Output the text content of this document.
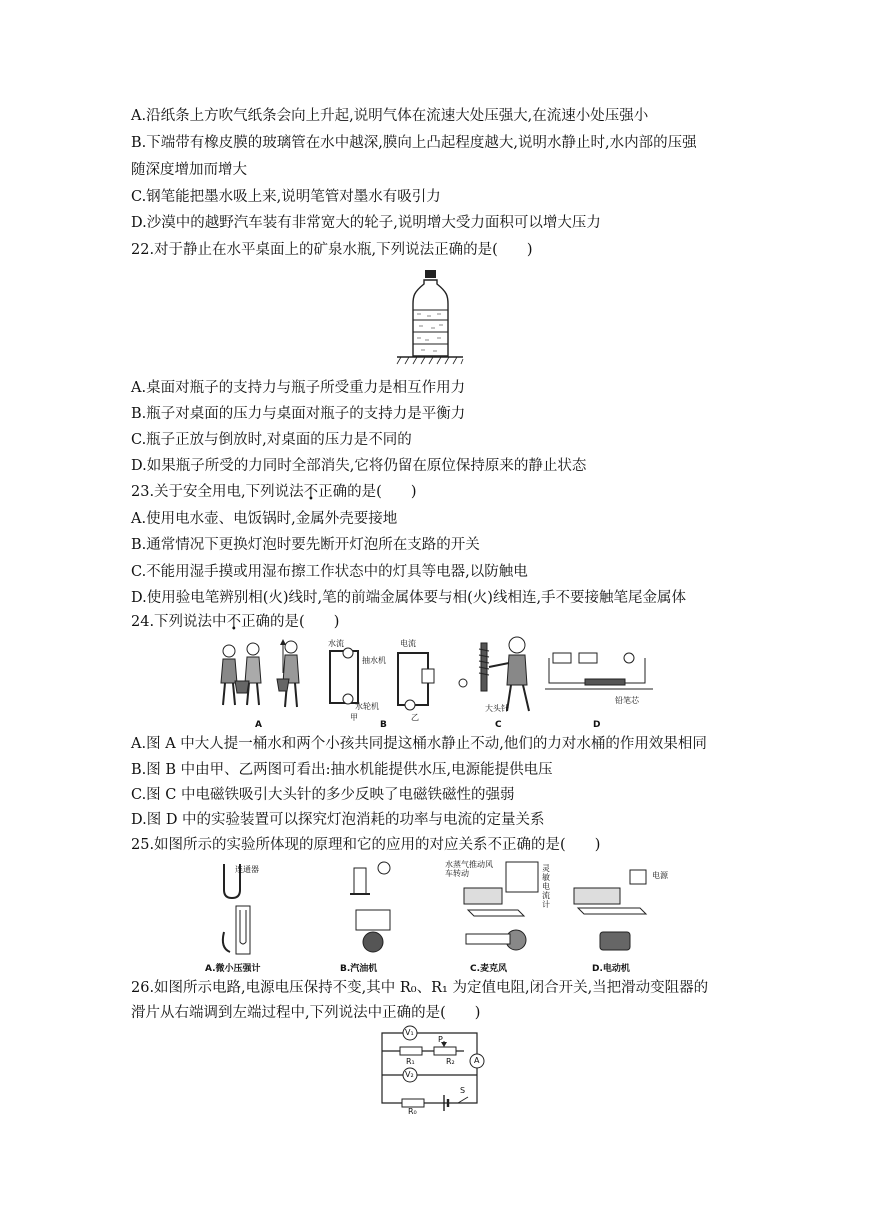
A.沿纸条上方吹气纸条会向上升起,说明气体在流速大处压强大,在流速小处压强小
B.下端带有橡皮膜的玻璃管在水中越深,膜向上凸起程度越大,说明水静止时,水内部的压强
随深度增加而增大
C.钢笔能把墨水吸上来,说明笔管对墨水有吸引力
D.沙漠中的越野汽车装有非常宽大的轮子,说明增大受力面积可以增大压力
22.对于静止在水平桌面上的矿泉水瓶,下列说法正确的是(　　)
A.桌面对瓶子的支持力与瓶子所受重力是相互作用力
B.瓶子对桌面的压力与桌面对瓶子的支持力是平衡力
C.瓶子正放与倒放时,对桌面的压力是不同的
D.如果瓶子所受的力同时全部消失,它将仍留在原位保持原来的静止状态
23.关于安全用电,下列说法不正确的是(　　)
A.使用电水壶、电饭锅时,金属外壳要接地
B.通常情况下更换灯泡时要先断开灯泡所在支路的开关
C.不能用湿手摸或用湿布擦工作状态中的灯具等电器,以防触电
D.使用验电笔辨别相(火)线时,笔的前端金属体要与相(火)线相连,手不要接触笔尾金属体
24.下列说法中不正确的是(　　)
A
水流
抽水机
水轮机
甲
电流
乙
B
大头针
C
铅笔芯
D
A.图 A 中大人提一桶水和两个小孩共同提这桶水静止不动,他们的力对水桶的作用效果相同
B.图 B 中由甲、乙两图可看出:抽水机能提供水压,电源能提供电压
C.图 C 中电磁铁吸引大头针的多少反映了电磁铁磁性的强弱
D.图 D 中的实验装置可以探究灯泡消耗的功率与电流的定量关系
25.如图所示的实验所体现的原理和它的应用的对应关系不正确的是(　　)
连通器
A.微小压强计
水蒸气推动风车转动
B.汽油机
灵敏电流计
C.麦克风
电源
D.电动机
26.如图所示电路,电源电压保持不变,其中 R₀、R₁ 为定值电阻,闭合开关,当把滑动变阻器的
滑片从右端调到左端过程中,下列说法中正确的是(　　)
V₁
V₂
A
R₁	R₂
P
R₀
S
